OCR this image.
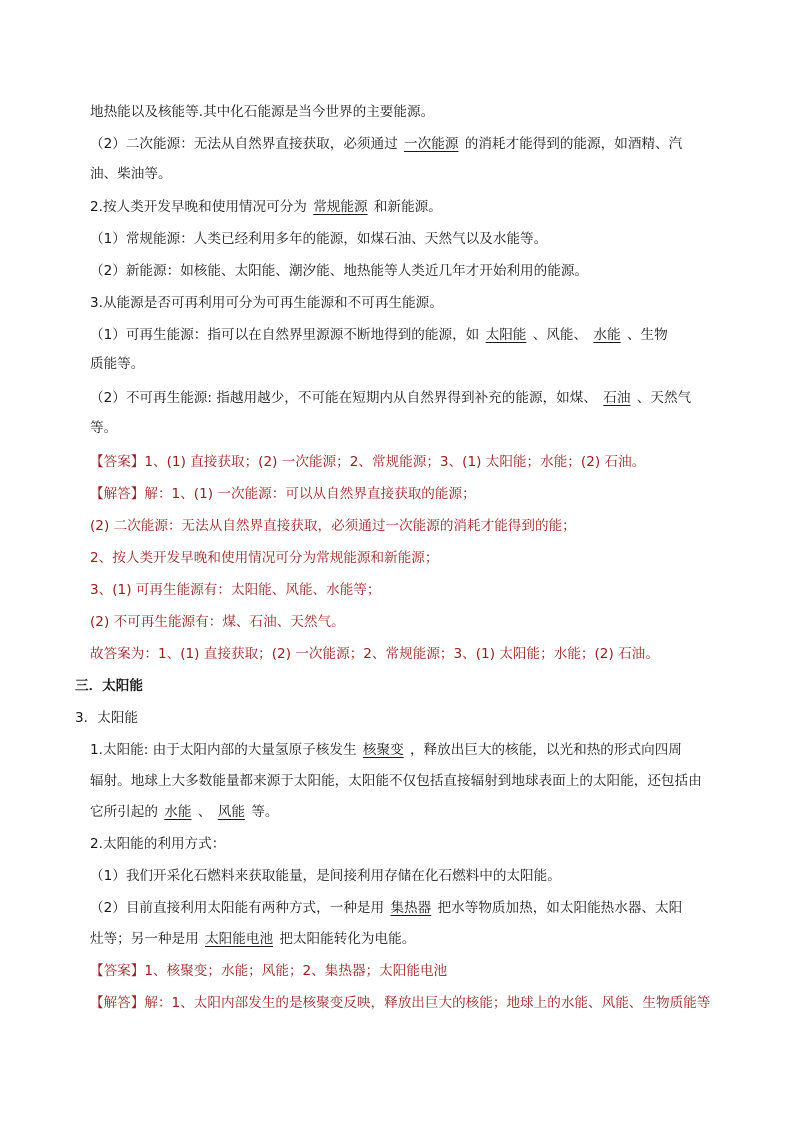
地热能以及核能等.其中化石能源是当今世界的主要能源。
（2）二次能源：无法从自然界直接获取，必须通过 一次能源 的消耗才能得到的能源，如酒精、汽
油、柴油等。
2.按人类开发早晚和使用情况可分为 常规能源 和新能源。
（1）常规能源：人类已经利用多年的能源，如煤石油、天然气以及水能等。
（2）新能源：如核能、太阳能、潮汐能、地热能等人类近几年才开始利用的能源。
3.从能源是否可再利用可分为可再生能源和不可再生能源。
（1）可再生能源：指可以在自然界里源源不断地得到的能源，如 太阳能 、风能、 水能 、生物
质能等。
（2）不可再生能源: 指越用越少，不可能在短期内从自然界得到补充的能源，如煤、 石油 、天然气
等。
【答案】1、(1) 直接获取；(2) 一次能源；2、常规能源；3、(1) 太阳能；水能；(2) 石油。
【解答】解：1、(1) 一次能源：可以从自然界直接获取的能源；
(2) 二次能源：无法从自然界直接获取，必须通过一次能源的消耗才能得到的能；
2、按人类开发早晚和使用情况可分为常规能源和新能源；
3、(1) 可再生能源有：太阳能、风能、水能等；
(2) 不可再生能源有：煤、石油、天然气。
故答案为：1、(1) 直接获取；(2) 一次能源；2、常规能源；3、(1) 太阳能；水能；(2) 石油。
三．太阳能
3．太阳能
1.太阳能: 由于太阳内部的大量氢原子核发生 核聚变 ，释放出巨大的核能，以光和热的形式向四周
辐射。地球上大多数能量都来源于太阳能，太阳能不仅包括直接辐射到地球表面上的太阳能，还包括由
它所引起的 水能 、 风能 等。
2.太阳能的利用方式：
（1）我们开采化石燃料来获取能量，是间接利用存储在化石燃料中的太阳能。
（2）目前直接利用太阳能有两种方式，一种是用 集热器 把水等物质加热，如太阳能热水器、太阳
灶等；另一种是用 太阳能电池 把太阳能转化为电能。
【答案】1、核聚变；水能；风能；2、集热器；太阳能电池
【解答】解：1、太阳内部发生的是核聚变反映，释放出巨大的核能；地球上的水能、风能、生物质能等
